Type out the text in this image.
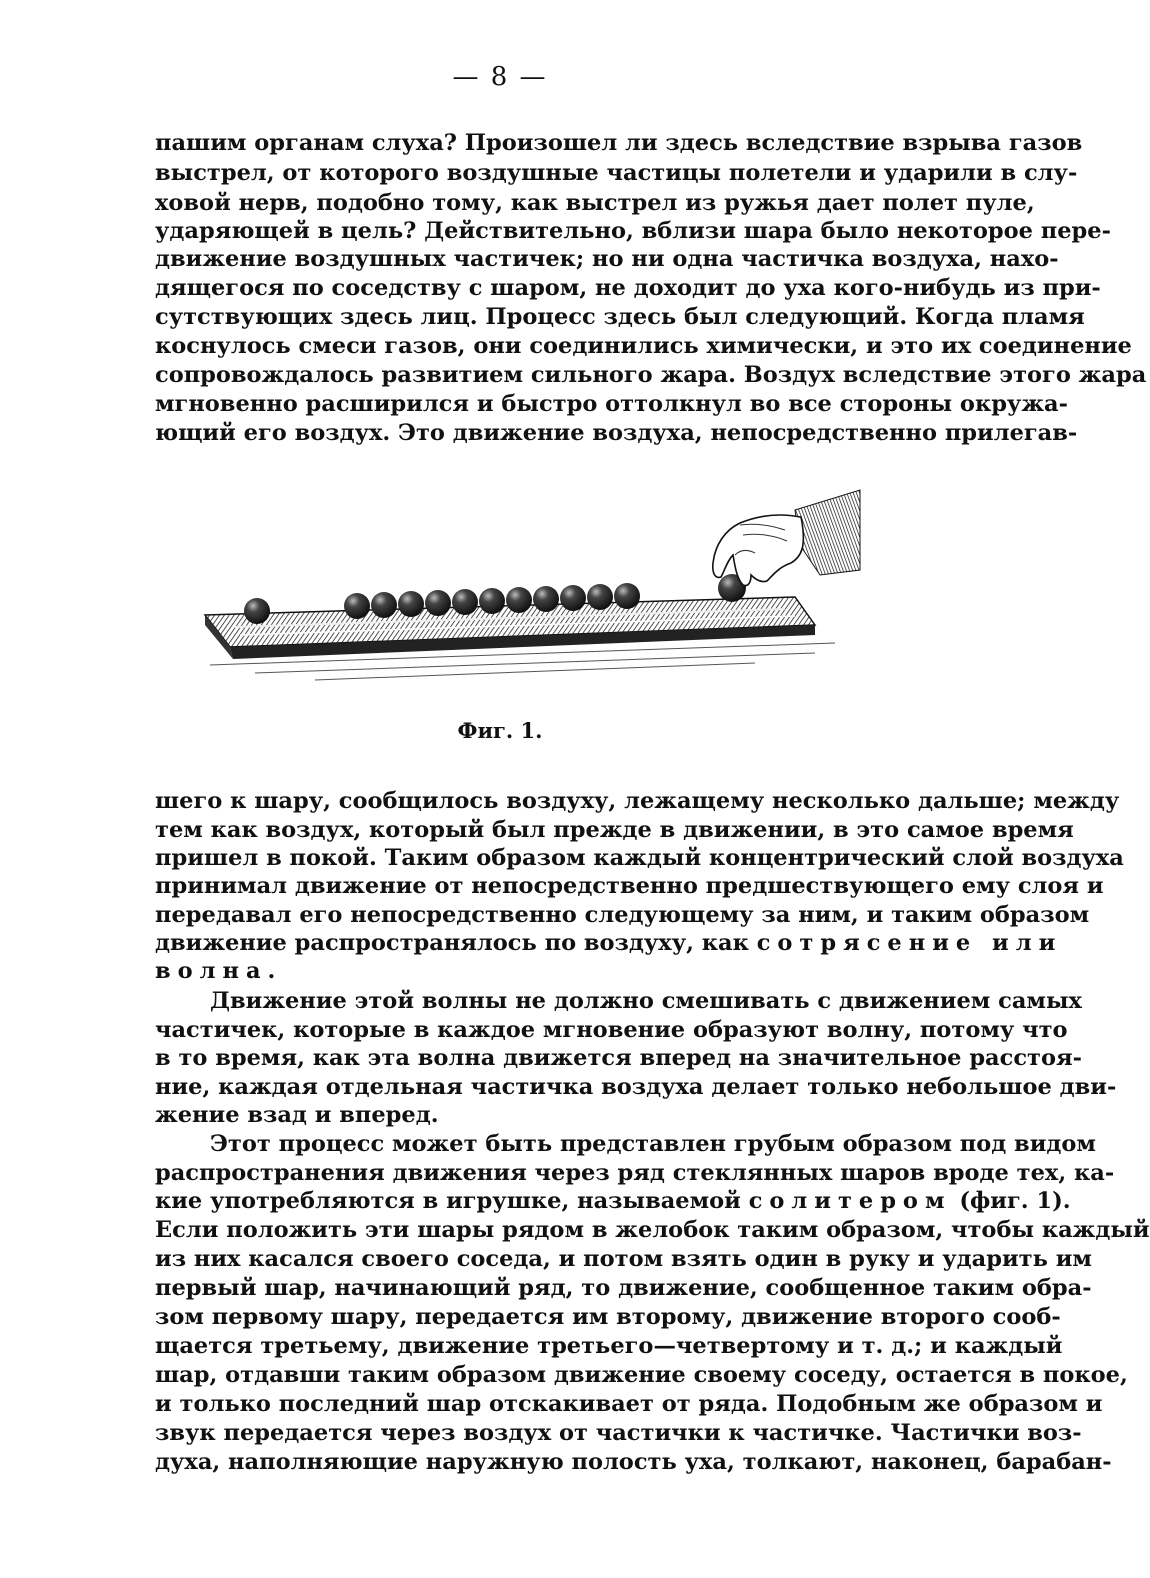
— 8 —
пашим органам слуха? Произошел ли здесь вследствие взрыва газов
выстрел, от которого воздушные частицы полетели и ударили в слу-
ховой нерв, подобно тому, как выстрел из ружья дает полет пуле,
ударяющей в цель? Действительно, вблизи шара было некоторое пере-
движение воздушных частичек; но ни одна частичка воздуха, нахо-
дящегося по соседству с шаром, не доходит до уха кого-нибудь из при-
сутствующих здесь лиц. Процесс здесь был следующий. Когда пламя
коснулось смеси газов, они соединились химически, и это их соединение
сопровождалось развитием сильного жара. Воздух вследствие этого жара
мгновенно расширился и быстро оттолкнул во все стороны окружа-
ющий его воздух. Это движение воздуха, непосредственно прилегав-
Фиг. 1.
шего к шару, сообщилось воздуху, лежащему несколько дальше; между
тем как воздух, который был прежде в движении, в это самое время
пришел в покой. Таким образом каждый концентрический слой воздуха
принимал движение от непосредственно предшествующего ему слоя и
передавал его непосредственно следующему за ним, и таким образом
движение распространялось по воздуху, как сотрясение или
волна.
Движение этой волны не должно смешивать с движением самых
частичек, которые в каждое мгновение образуют волну, потому что
в то время, как эта волна движется вперед на значительное расстоя-
ние, каждая отдельная частичка воздуха делает только небольшое дви-
жение взад и вперед.
Этот процесс может быть представлен грубым образом под видом
распространения движения через ряд стеклянных шаров вроде тех, ка-
кие употребляются в игрушке, называемой солитером (фиг. 1).
Если положить эти шары рядом в желобок таким образом, чтобы каждый
из них касался своего соседа, и потом взять один в руку и ударить им
первый шар, начинающий ряд, то движение, сообщенное таким обра-
зом первому шару, передается им второму, движение второго сооб-
щается третьему, движение третьего—четвертому и т. д.; и каждый
шар, отдавши таким образом движение своему соседу, остается в покое,
и только последний шар отскакивает от ряда. Подобным же образом и
звук передается через воздух от частички к частичке. Частички воз-
духа, наполняющие наружную полость уха, толкают, наконец, барабан-
